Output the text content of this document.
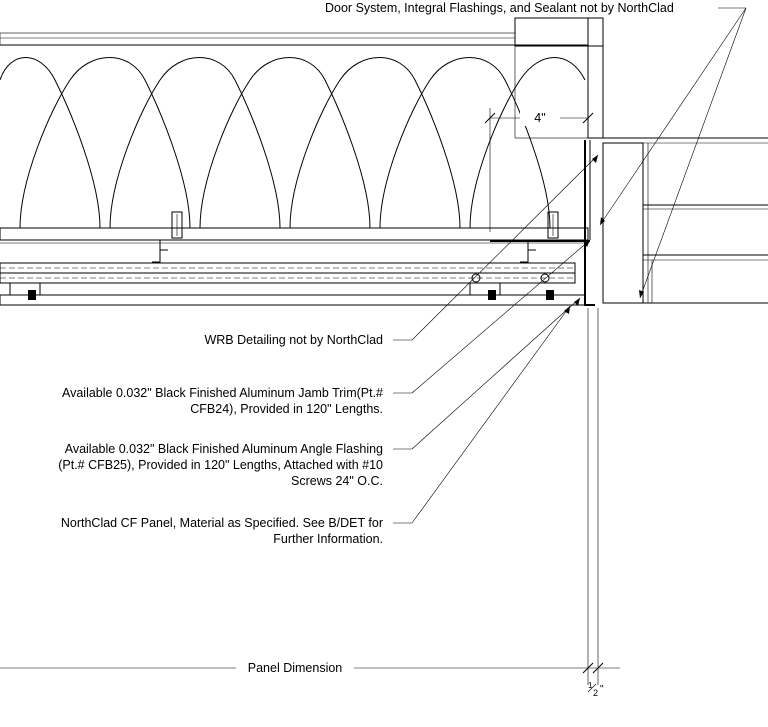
4"
Door System, Integral Flashings, and Sealant not by NorthClad
WRB Detailing not by NorthClad
Available 0.032" Black Finished Aluminum Jamb Trim(Pt.#
CFB24), Provided in 120" Lengths.
Available 0.032" Black Finished Aluminum Angle Flashing
(Pt.# CFB25), Provided in 120" Lengths, Attached with #10
Screws 24" O.C.
NorthClad CF Panel, Material as Specified. See B/DET for
Further Information.
Panel Dimension
1
2 "
